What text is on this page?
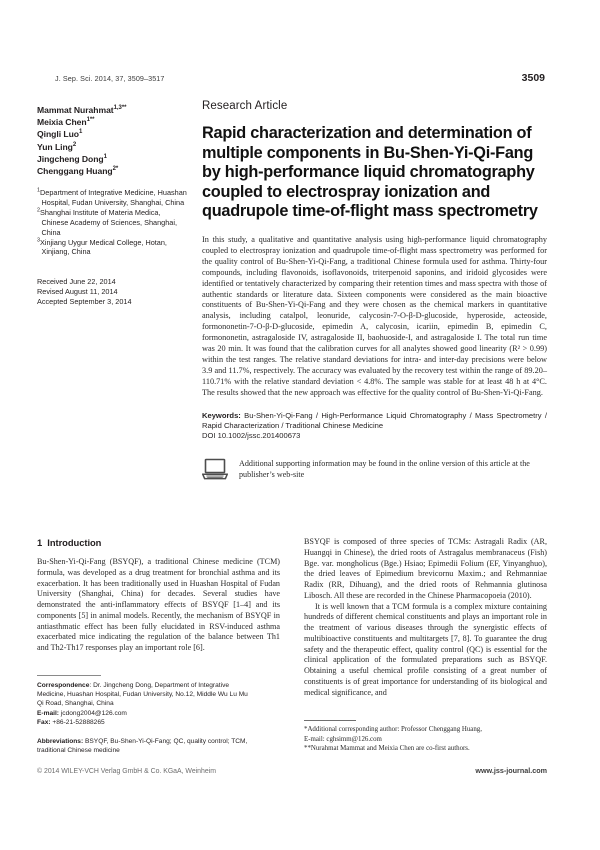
J. Sep. Sci. 2014, 37, 3509–3517	3509
Mammat Nurahmat$^{1,3**}$
Meixia Chen$^{1**}$
Qingli Luo$^1$
Yun Ling$^2$
Jingcheng Dong$^1$
Chenggang Huang$^{2*}$
$^1$Department of Integrative Medicine, Huashan Hospital, Fudan University, Shanghai, China
$^2$Shanghai Institute of Materia Medica, Chinese Academy of Sciences, Shanghai, China
$^3$Xinjiang Uygur Medical College, Hotan, Xinjiang, China
Received June 22, 2014
Revised August 11, 2014
Accepted September 3, 2014
Correspondence: Dr. Jingcheng Dong, Department of Integrative Medicine, Huashan Hospital, Fudan University, No.12, Middle Wu Lu Mu Qi Road, Shanghai, China
E-mail: jcdong2004@126.com
Fax: +86-21-52888265
Abbreviations: BSYQF, Bu-Shen-Yi-Qi-Fang; QC, quality control; TCM, traditional Chinese medicine
Research Article
Rapid characterization and determination of multiple components in Bu-Shen-Yi-Qi-Fang by high-performance liquid chromatography coupled to electrospray ionization and quadrupole time-of-flight mass spectrometry
In this study, a qualitative and quantitative analysis using high-performance liquid chromatography coupled to electrospray ionization and quadrupole time-of-flight mass spectrometry was performed for the quality control of Bu-Shen-Yi-Qi-Fang, a traditional Chinese formula used for asthma. Thirty-four compounds, including flavonoids, isoflavonoids, triterpenoid saponins, and iridoid glycosides were identified or tentatively characterized by comparing their retention times and mass spectra with those of authentic standards or literature data. Sixteen components were considered as the main bioactive constituents of Bu-Shen-Yi-Qi-Fang and they were chosen as the chemical markers in quantitative analysis, including catalpol, leonuride, calycosin-7-O-β-D-glucoside, hyperoside, acteoside, formononetin-7-O-β-D-glucoside, epimedin A, calycosin, icariin, epimedin B, epimedin C, formononetin, astragaloside IV, astragaloside II, baohuoside-I, and astragaloside I. The total run time was 20 min. It was found that the calibration curves for all analytes showed good linearity (R² > 0.99) within the test ranges. The relative standard deviations for intra- and inter-day precisions were below 3.9 and 11.7%, respectively. The accuracy was evaluated by the recovery test within the range of 89.20–110.71% with the relative standard deviation < 4.8%. The sample was stable for at least 48 h at 4°C. The results showed that the new approach was effective for the quality control of Bu-Shen-Yi-Qi-Fang.
Keywords: Bu-Shen-Yi-Qi-Fang / High-Performance Liquid Chromatography / Mass Spectrometry / Rapid Characterization / Traditional Chinese Medicine
DOI 10.1002/jssc.201400673
Additional supporting information may be found in the online version of this article at the publisher’s web-site
1 Introduction

Bu-Shen-Yi-Qi-Fang (BSYQF), a traditional Chinese medicine (TCM) formula, was developed as a drug treatment for bronchial asthma and its exacerbation. It has been traditionally used in Huashan Hospital of Fudan University (Shanghai, China) for decades. Several studies have demonstrated the anti-inflammatory effects of BSYQF [1–4] and its components [5] in animal models. Recently, the mechanism of BSYQF in antiasthmatic effect has been fully elucidated in RSV-induced asthma exacerbated mice indicating the regulation of the balance between Th1 and Th2-Th17 responses play an important role [6].

BSYQF is composed of three species of TCMs: Astragali Radix (AR, Huangqi in Chinese), the dried roots of Astragalus membranaceus (Fish) Bge. var. mongholicus (Bge.) Hsiao; Epimedii Folium (EF, Yinyanghuo), the dried leaves of Epimedium brevicornu Maxim.; and Rehmanniae Radix (RR, Dihuang), and the dried roots of Rehmannia glutinosa Libosch. All these are recorded in the Chinese Pharmacopoeia (2010).

It is well known that a TCM formula is a complex mixture containing hundreds of different chemical constituents and plays an important role in the treatment of various diseases through the synergistic effects of multibioactive constituents and multitargets [7, 8]. To guarantee the drug safety and the therapeutic effect, quality control (QC) is essential for the clinical application of the formulated preparations such as BSYQF. Obtaining a useful chemical profile consisting of a great number of constituents is of great importance for understanding of its biological and medical significance, and

*Additional corresponding author: Professor Chenggang Huang,
E-mail: cghsimm@126.com
**Nurahmat Mammat and Meixia Chen are co-first authors.
© 2014 WILEY-VCH Verlag GmbH & Co. KGaA, Weinheim	www.jss-journal.com
